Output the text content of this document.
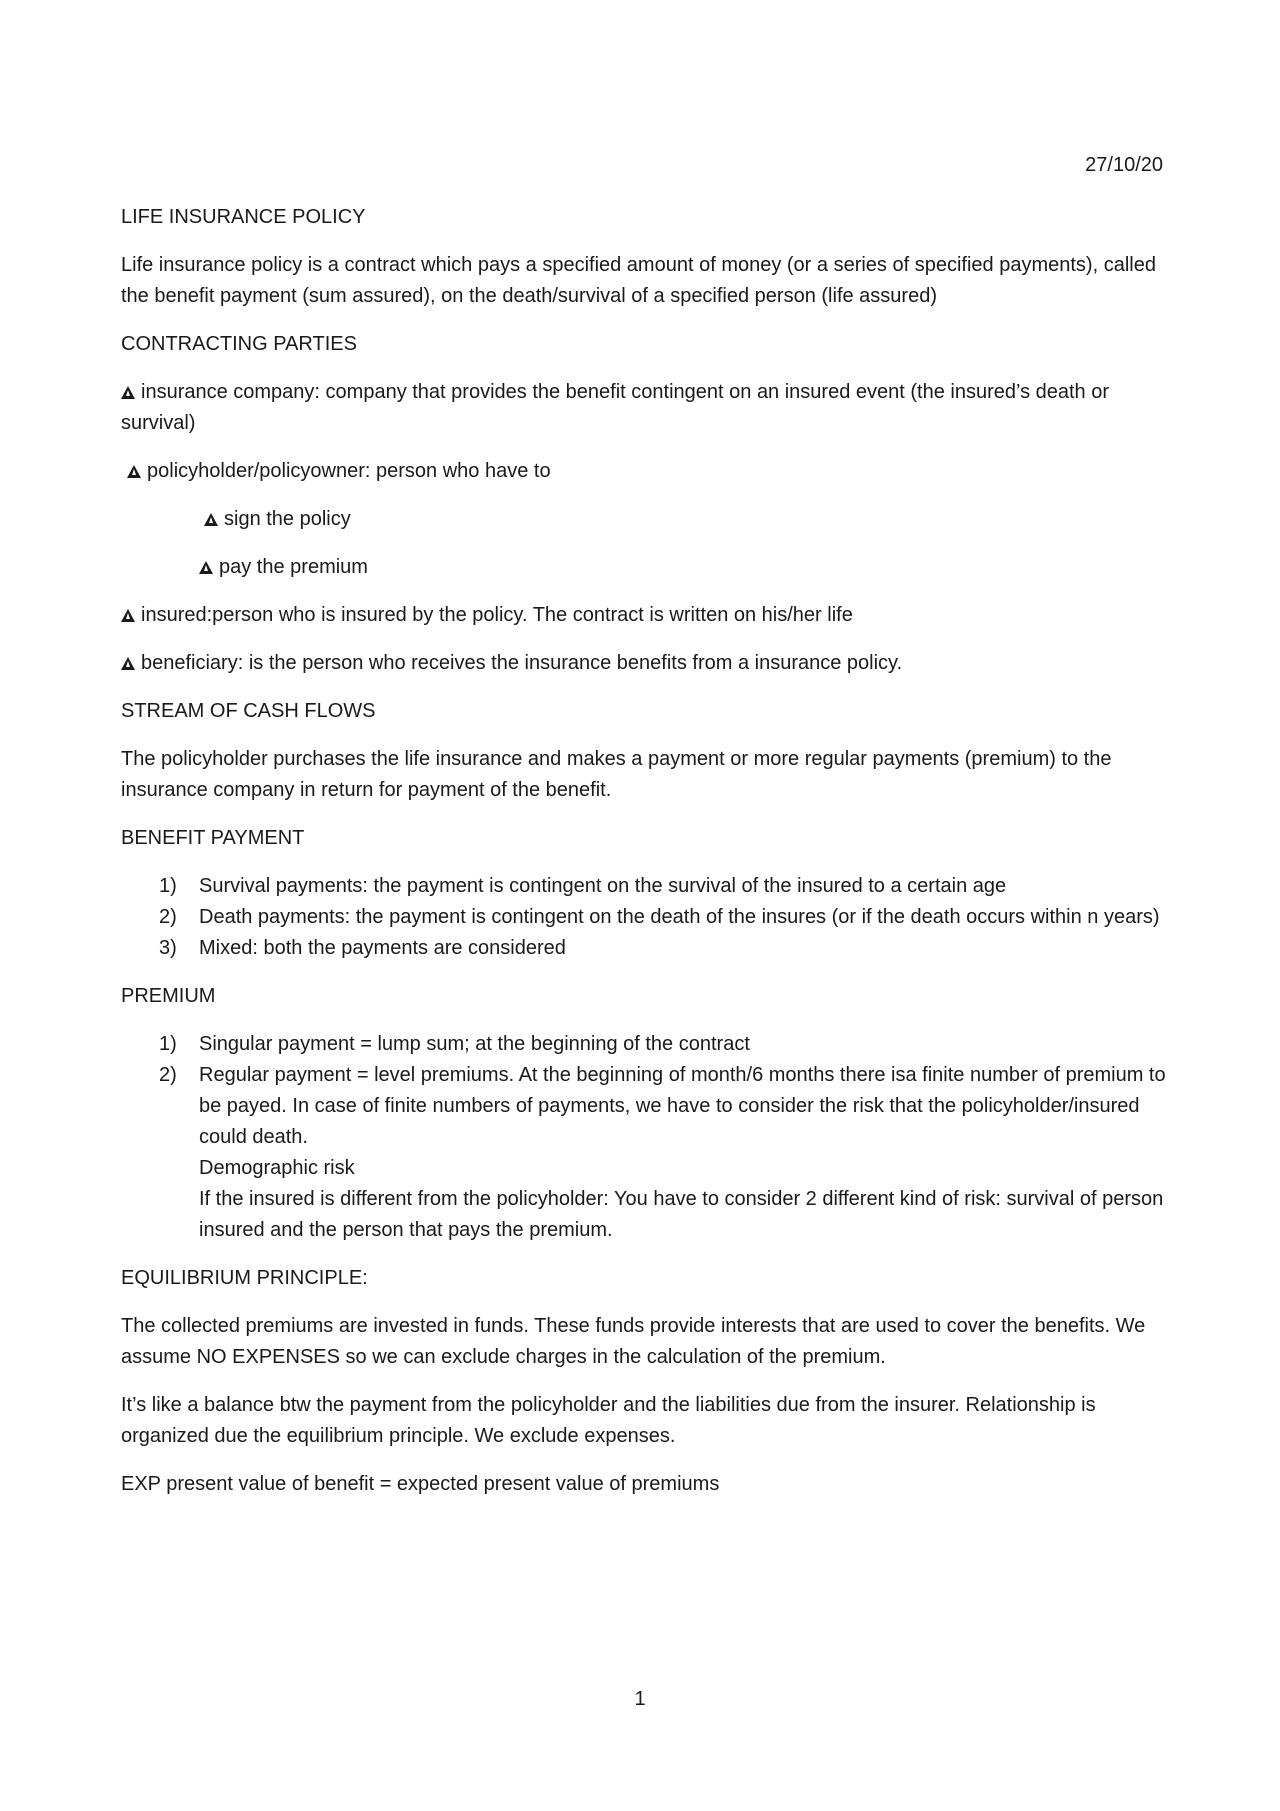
27/10/20
LIFE INSURANCE POLICY
Life insurance policy is a contract which pays a specified amount of money (or a series of specified payments), called the benefit payment (sum assured), on the death/survival of a specified person (life assured)
CONTRACTING PARTIES
insurance company: company that provides the benefit contingent on an insured event (the insured’s death or survival)
policyholder/policyowner: person who have to
sign the policy
pay the premium
insured:person who is insured by the policy. The contract is written on his/her life
beneficiary: is the person who receives the insurance benefits from a insurance policy.
STREAM OF CASH FLOWS
The policyholder purchases the life insurance and makes a payment or more regular payments (premium) to the insurance company in return for payment of the benefit.
BENEFIT PAYMENT
1)	Survival payments: the payment is contingent on the survival of the insured to a certain age
2)	Death payments: the payment is contingent on the death of the insures (or if the death occurs within n years)
3)	Mixed: both the payments are considered
PREMIUM
1)	Singular payment = lump sum; at the beginning of the contract
2)	Regular payment = level premiums. At the beginning of month/6 months there isa finite number of premium to be payed. In case of finite numbers of payments, we have to consider the risk that the policyholder/insured could death.
Demographic risk
If the insured is different from the policyholder: You have to consider 2 different kind of risk: survival of person insured and the person that pays the premium.
EQUILIBRIUM PRINCIPLE:
The collected premiums are invested in funds. These funds provide interests that are used to cover the benefits. We assume NO EXPENSES so we can exclude charges in the calculation of the premium.
It’s like a balance btw the payment from the policyholder and the liabilities due from the insurer. Relationship is organized due the equilibrium principle. We exclude expenses.
EXP present value of benefit = expected present value of premiums
1
